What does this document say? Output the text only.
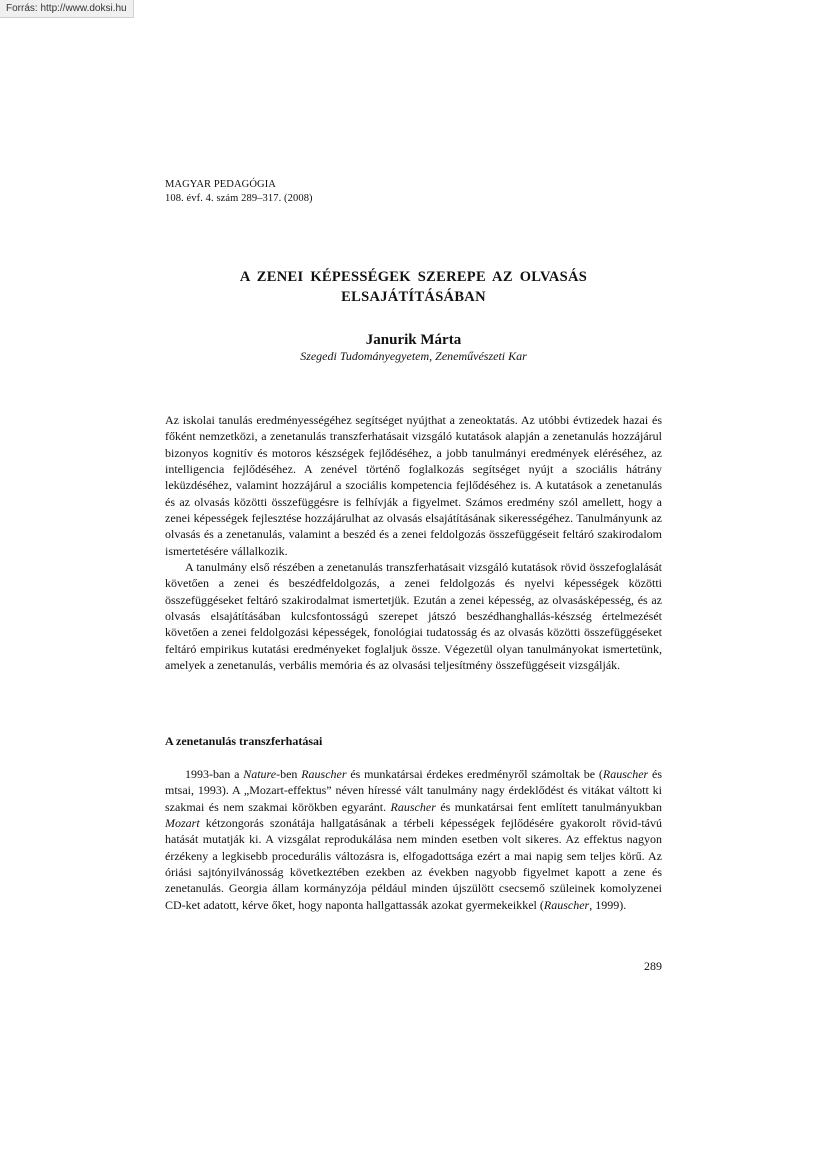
Forrás: http://www.doksi.hu
MAGYAR PEDAGÓGIA
108. évf. 4. szám 289–317. (2008)
A ZENEI KÉPESSÉGEK SZEREPE AZ OLVASÁS
ELSAJÁTÍTÁSÁBAN
Janurik Márta
Szegedi Tudományegyetem, Zeneművészeti Kar

Az iskolai tanulás eredményességéhez segítséget nyújthat a zeneoktatás. Az utóbbi évtizedek hazai és főként nemzetközi, a zenetanulás transzferhatásait vizsgáló kutatások alapján a zenetanulás hozzájárul bizonyos kognitív és motoros készségek fejlődéséhez, a jobb tanulmányi eredmények eléréséhez, az intelligencia fejlődéséhez. A zenével történő foglalkozás segítséget nyújt a szociális hátrány leküzdéséhez, valamint hozzájárul a szociális kompetencia fejlődéséhez is. A kutatások a zenetanulás és az olvasás közötti összefüggésre is felhívják a figyelmet. Számos eredmény szól amellett, hogy a zenei képességek fejlesztése hozzájárulhat az olvasás elsajátításának sikerességéhez. Tanulmányunk az olvasás és a zenetanulás, valamint a beszéd és a zenei feldolgozás összefüggéseit feltáró szakirodalom ismertetésére vállalkozik.

A tanulmány első részében a zenetanulás transzferhatásait vizsgáló kutatások rövid összefoglalását követően a zenei és beszédfeldolgozás, a zenei feldolgozás és nyelvi képességek közötti összefüggéseket feltáró szakirodalmat ismertetjük. Ezután a zenei képesség, az olvasásképesség, és az olvasás elsajátításában kulcsfontosságú szerepet játszó beszédhanghallás-készség értelmezését követően a zenei feldolgozási képességek, fonológiai tudatosság és az olvasás közötti összefüggéseket feltáró empirikus kutatási eredményeket foglaljuk össze. Végezetül olyan tanulmányokat ismertetünk, amelyek a zenetanulás, verbális memória és az olvasási teljesítmény összefüggéseit vizsgálják.

A zenetanulás transzferhatásai

1993-ban a Nature-ben Rauscher és munkatársai érdekes eredményről számoltak be (Rauscher és mtsai, 1993). A „Mozart-effektus” néven híressé vált tanulmány nagy érdeklődést és vitákat váltott ki szakmai és nem szakmai körökben egyaránt. Rauscher és munkatársai fent említett tanulmányukban Mozart kétzongorás szonátája hallgatásának a térbeli képességek fejlődésére gyakorolt rövid-távú hatását mutatják ki. A vizsgálat reprodukálása nem minden esetben volt sikeres. Az effektus nagyon érzékeny a legkisebb procedurális változásra is, elfogadottsága ezért a mai napig sem teljes körű. Az óriási sajtónyilvánosság következtében ezekben az években nagyobb figyelmet kapott a zene és zenetanulás. Georgia állam kormányzója például minden újszülött csecsemő szüleinek komolyzenei CD-ket adatott, kérve őket, hogy naponta hallgattassák azokat gyermekeikkel (Rauscher, 1999).

289
